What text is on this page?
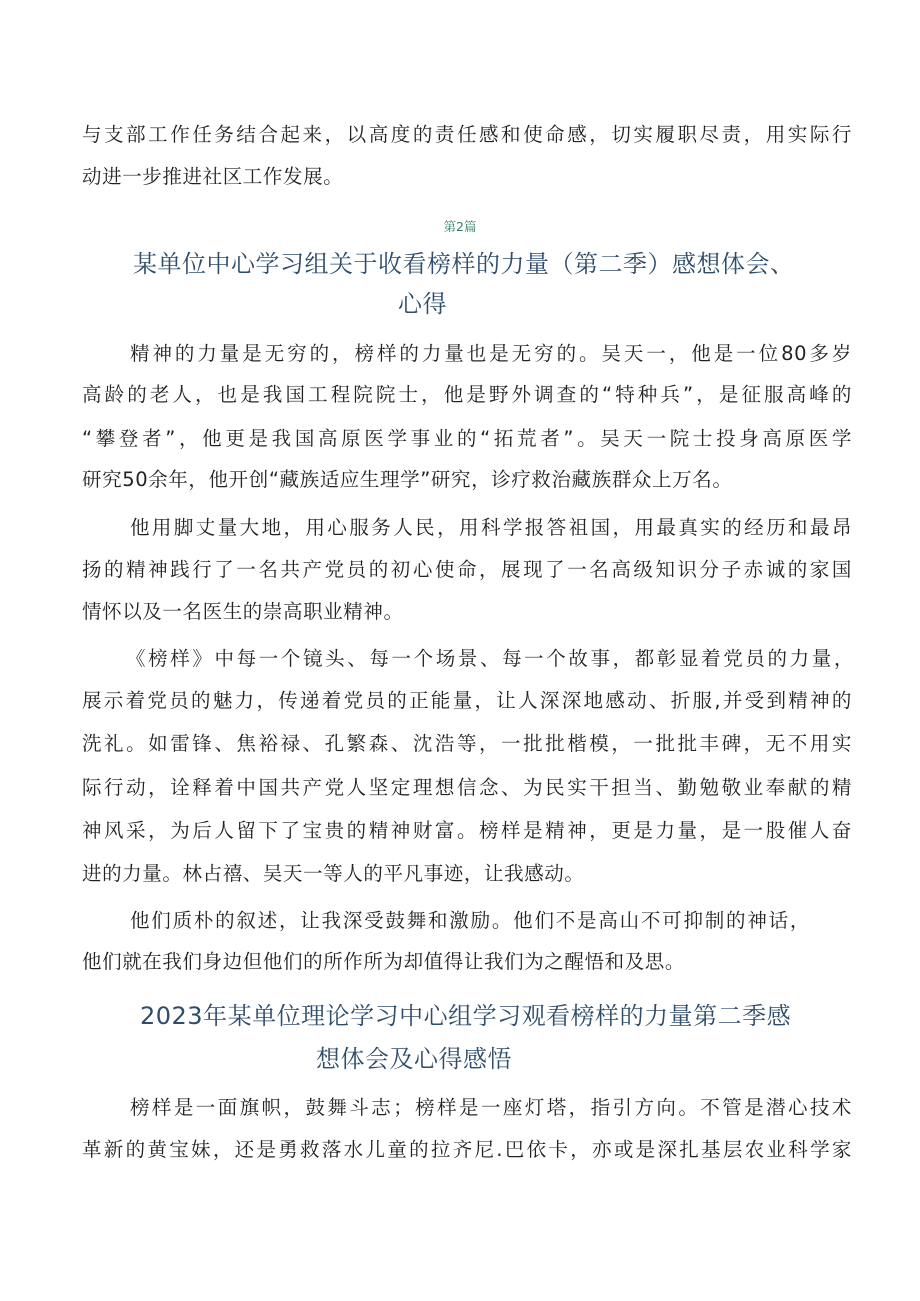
与支部工作任务结合起来，以高度的责任感和使命感，切实履职尽责，用实际行
动进一步推进社区工作发展。
第2篇
某单位中心学习组关于收看榜样的力量（第二季）感想体会、
心得
精神的力量是无穷的，榜样的力量也是无穷的。吴天一，他是一位80多岁
高龄的老人，也是我国工程院院士，他是野外调查的“特种兵”，是征服高峰的
“攀登者”，他更是我国高原医学事业的“拓荒者”。吴天一院士投身高原医学
研究50余年，他开创“藏族适应生理学”研究，诊疗救治藏族群众上万名。
他用脚丈量大地，用心服务人民，用科学报答祖国，用最真实的经历和最昂
扬的精神践行了一名共产党员的初心使命，展现了一名高级知识分子赤诚的家国
情怀以及一名医生的崇高职业精神。
《榜样》中每一个镜头、每一个场景、每一个故事，都彰显着党员的力量，
展示着党员的魅力，传递着党员的正能量，让人深深地感动、折服,并受到精神的
洗礼。如雷锋、焦裕禄、孔繁森、沈浩等，一批批楷模，一批批丰碑，无不用实
际行动，诠释着中国共产党人坚定理想信念、为民实干担当、勤勉敬业奉献的精
神风采，为后人留下了宝贵的精神财富。榜样是精神，更是力量，是一股催人奋
进的力量。林占禧、吴天一等人的平凡事迹，让我感动。
他们质朴的叙述，让我深受鼓舞和激励。他们不是高山不可抑制的神话，
他们就在我们身边但他们的所作所为却值得让我们为之醒悟和及思。
2023年某单位理论学习中心组学习观看榜样的力量第二季感
想体会及心得感悟
榜样是一面旗帜，鼓舞斗志；榜样是一座灯塔，指引方向。不管是潜心技术
革新的黄宝妹，还是勇救落水儿童的拉齐尼.巴依卡，亦或是深扎基层农业科学家
